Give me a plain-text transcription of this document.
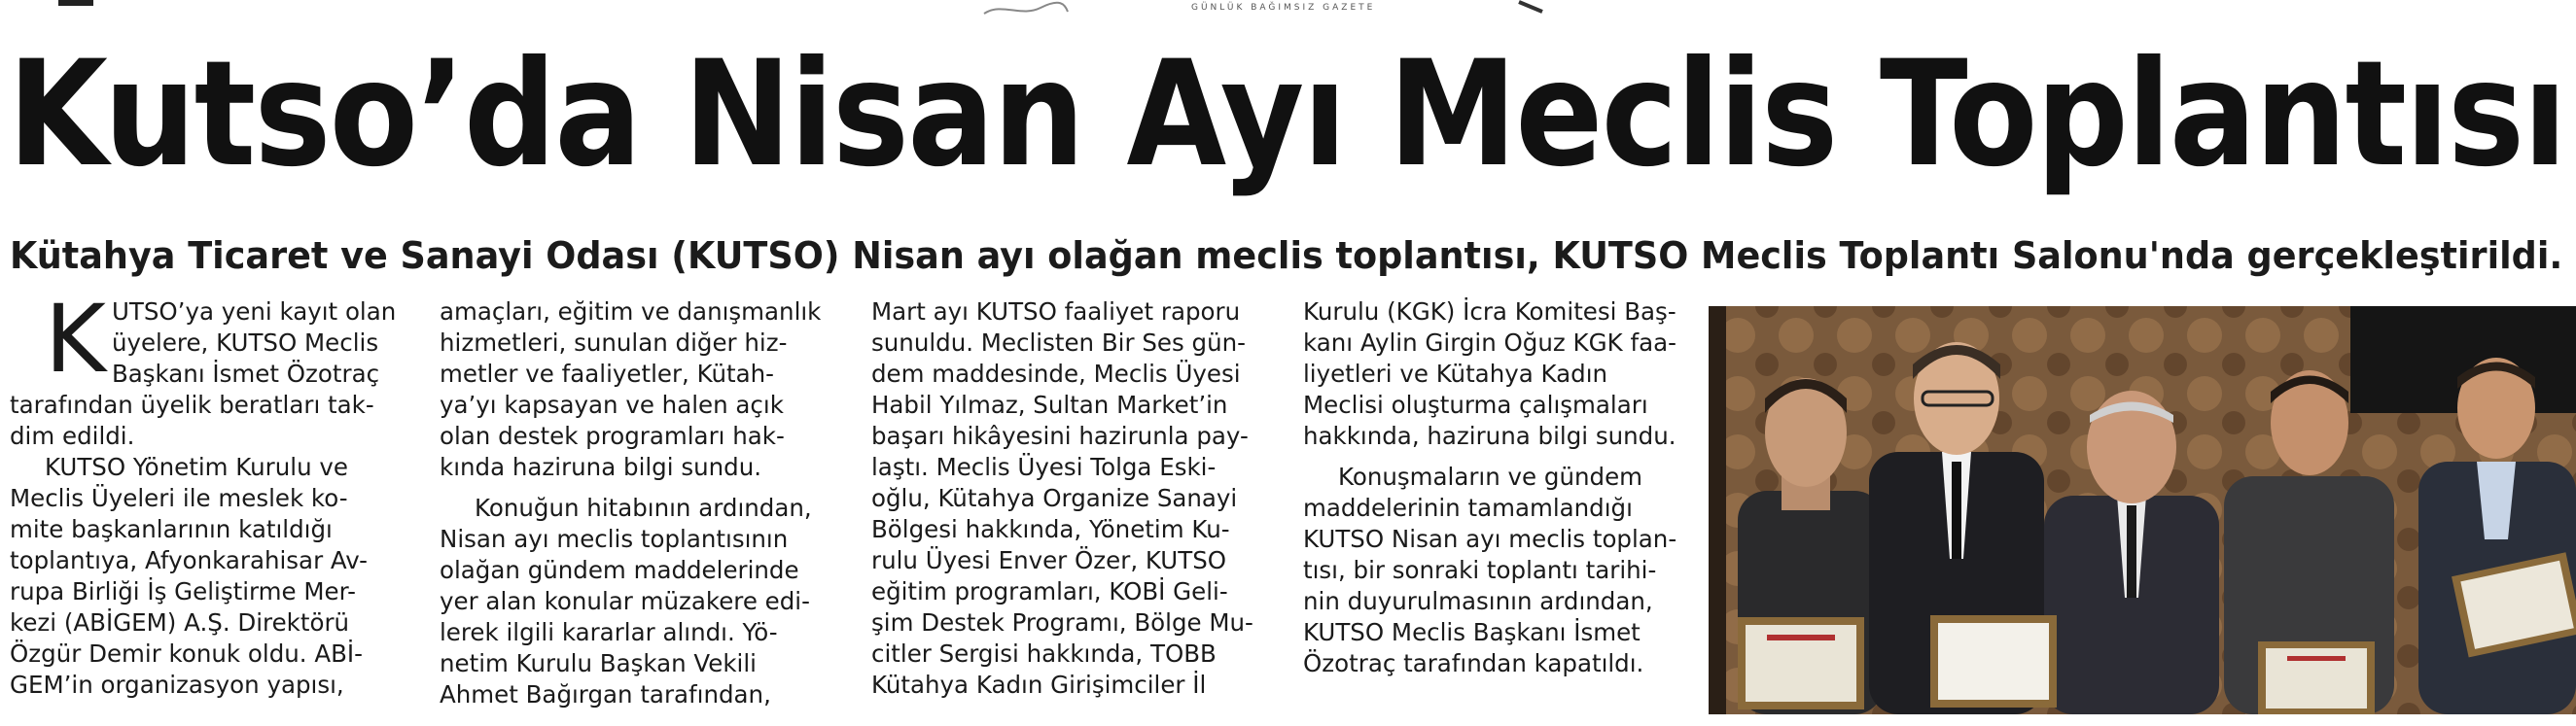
GÜNLÜK BAĞIMSIZ GAZETE
Kutso’da Nisan Ayı Meclis Toplantısı
Kütahya Ticaret ve Sanayi Odası (KUTSO) Nisan ayı olağan meclis toplantısı, KUTSO Meclis Toplantı Salonu'nda gerçekleştirildi.
K UTSO’ya yeni kayıt olan
üyelere, KUTSO Meclis
Başkanı İsmet Özotraç
tarafından üyelik beratları tak-
dim edildi.
KUTSO Yönetim Kurulu ve
Meclis Üyeleri ile meslek ko-
mite başkanlarının katıldığı
toplantıya, Afyonkarahisar Av-
rupa Birliği İş Geliştirme Mer-
kezi (ABİGEM) A.Ş. Direktörü
Özgür Demir konuk oldu. ABİ-
GEM’in organizasyon yapısı,
amaçları, eğitim ve danışmanlık
hizmetleri, sunulan diğer hiz-
metler ve faaliyetler, Kütah-
ya’yı kapsayan ve halen açık
olan destek programları hak-
kında haziruna bilgi sundu.
Konuğun hitabının ardından,
Nisan ayı meclis toplantısının
olağan gündem maddelerinde
yer alan konular müzakere edi-
lerek ilgili kararlar alındı. Yö-
netim Kurulu Başkan Vekili
Ahmet Bağırgan tarafından,
Mart ayı KUTSO faaliyet raporu
sunuldu. Meclisten Bir Ses gün-
dem maddesinde, Meclis Üyesi
Habil Yılmaz, Sultan Market’in
başarı hikâyesini hazirunla pay-
laştı. Meclis Üyesi Tolga Eski-
oğlu, Kütahya Organize Sanayi
Bölgesi hakkında, Yönetim Ku-
rulu Üyesi Enver Özer, KUTSO
eğitim programları, KOBİ Geli-
şim Destek Programı, Bölge Mu-
citler Sergisi hakkında, TOBB
Kütahya Kadın Girişimciler İl
Kurulu (KGK) İcra Komitesi Baş-
kanı Aylin Girgin Oğuz KGK faa-
liyetleri ve Kütahya Kadın
Meclisi oluşturma çalışmaları
hakkında, haziruna bilgi sundu.
Konuşmaların ve gündem
maddelerinin tamamlandığı
KUTSO Nisan ayı meclis toplan-
tısı, bir sonraki toplantı tarihi-
nin duyurulmasının ardından,
KUTSO Meclis Başkanı İsmet
Özotraç tarafından kapatıldı.
